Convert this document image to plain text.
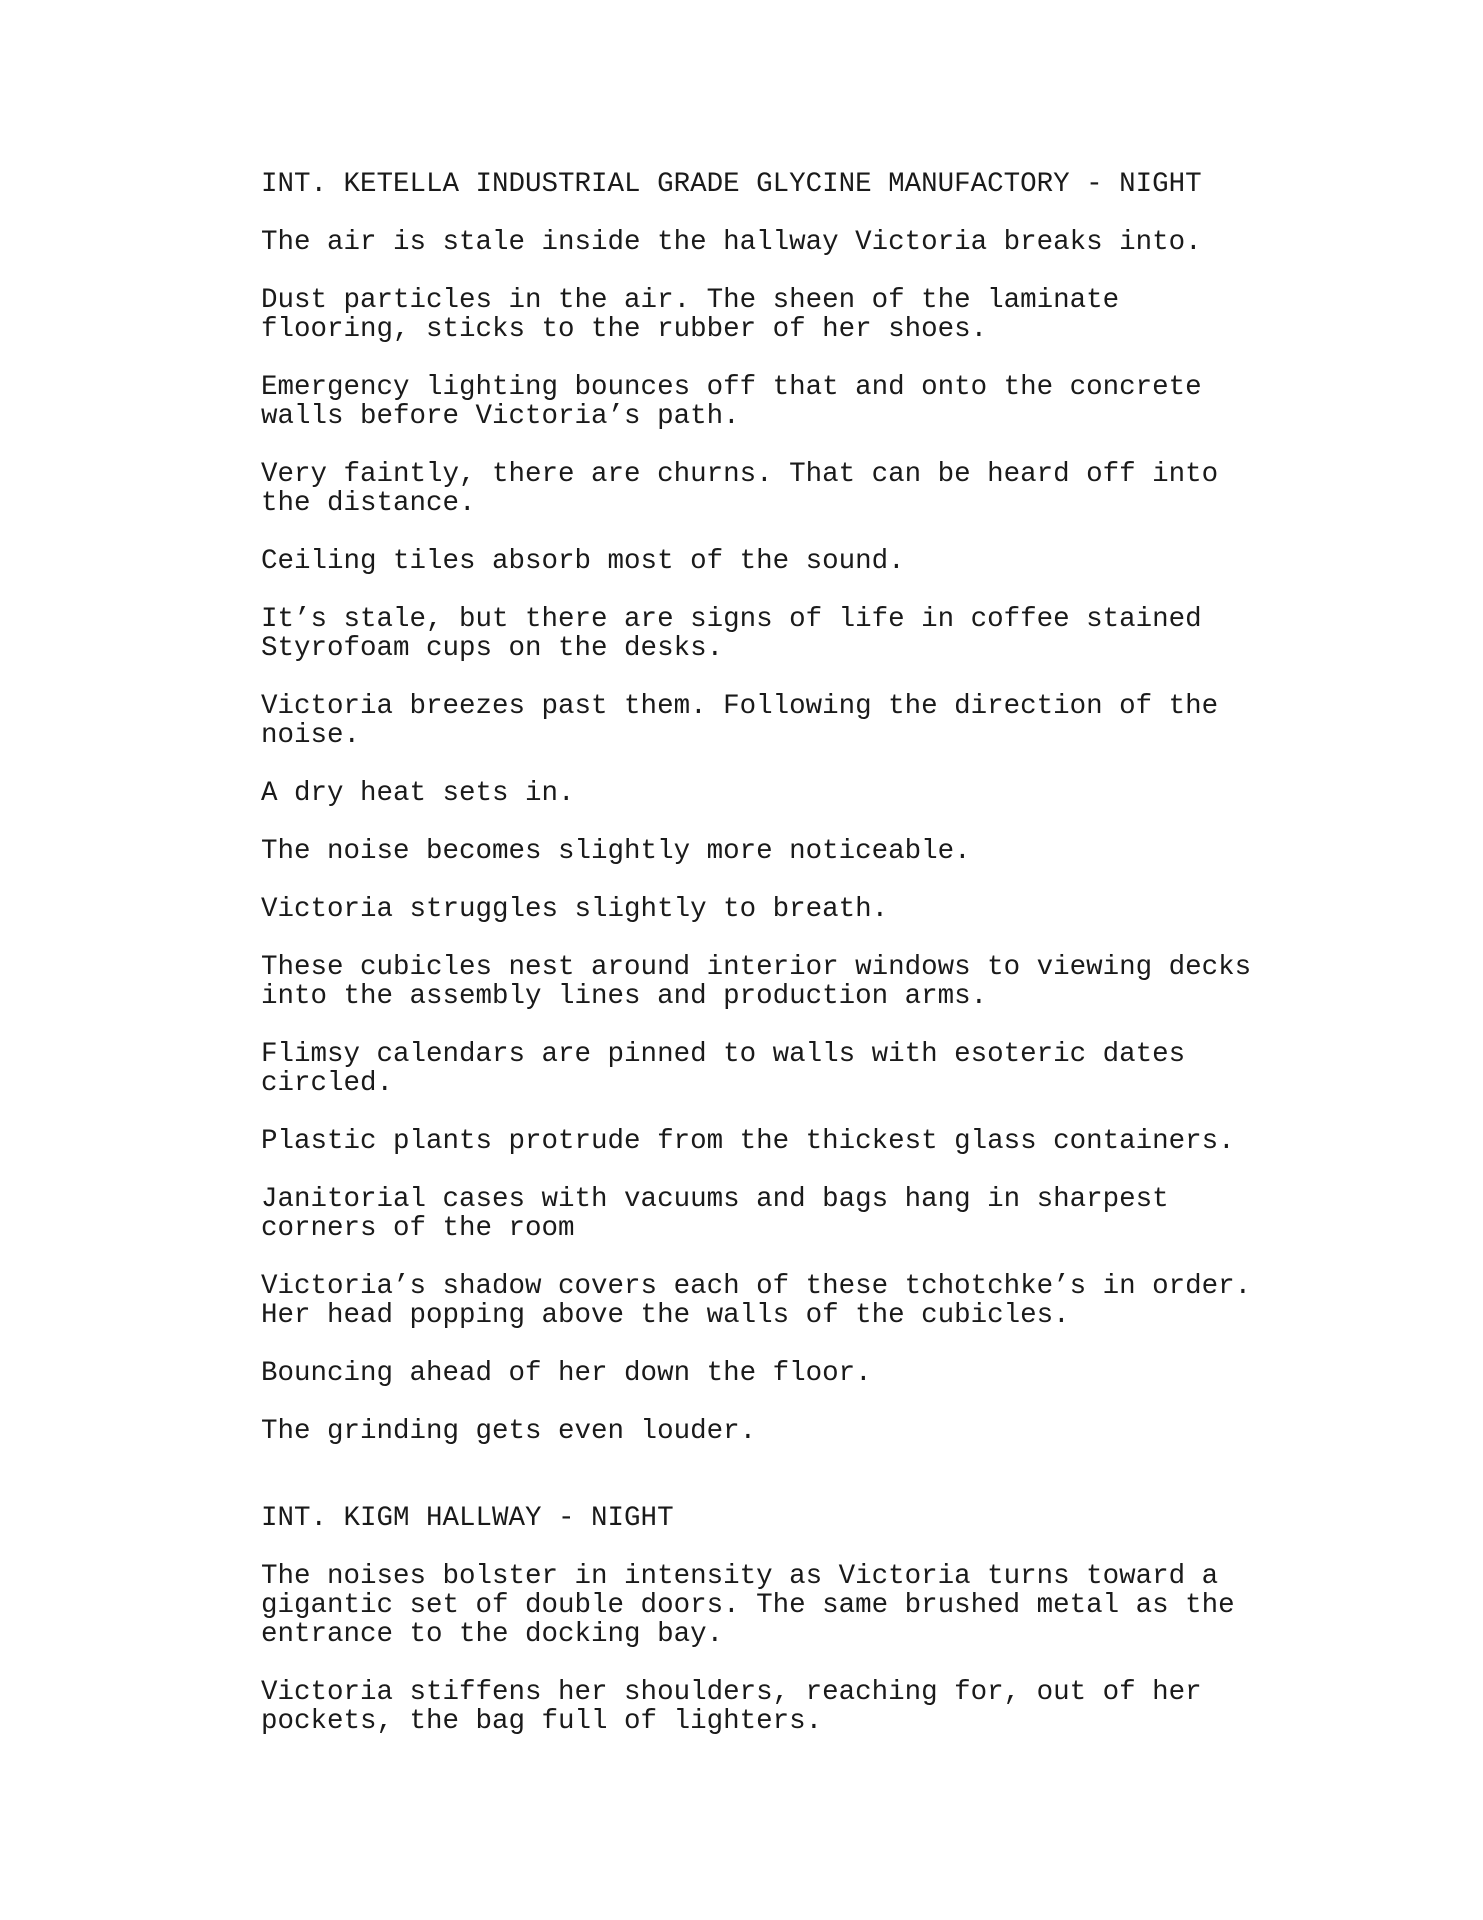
INT. KETELLA INDUSTRIAL GRADE GLYCINE MANUFACTORY - NIGHT
The air is stale inside the hallway Victoria breaks into.
Dust particles in the air. The sheen of the laminate
flooring, sticks to the rubber of her shoes.
Emergency lighting bounces off that and onto the concrete
walls before Victoria’s path.
Very faintly, there are churns. That can be heard off into
the distance.
Ceiling tiles absorb most of the sound.
It’s stale, but there are signs of life in coffee stained
Styrofoam cups on the desks.
Victoria breezes past them. Following the direction of the
noise.
A dry heat sets in.
The noise becomes slightly more noticeable.
Victoria struggles slightly to breath.
These cubicles nest around interior windows to viewing decks
into the assembly lines and production arms.
Flimsy calendars are pinned to walls with esoteric dates
circled.
Plastic plants protrude from the thickest glass containers.
Janitorial cases with vacuums and bags hang in sharpest
corners of the room
Victoria’s shadow covers each of these tchotchke’s in order.
Her head popping above the walls of the cubicles.
Bouncing ahead of her down the floor.
The grinding gets even louder.
INT. KIGM HALLWAY - NIGHT
The noises bolster in intensity as Victoria turns toward a
gigantic set of double doors. The same brushed metal as the
entrance to the docking bay.
Victoria stiffens her shoulders, reaching for, out of her
pockets, the bag full of lighters.
